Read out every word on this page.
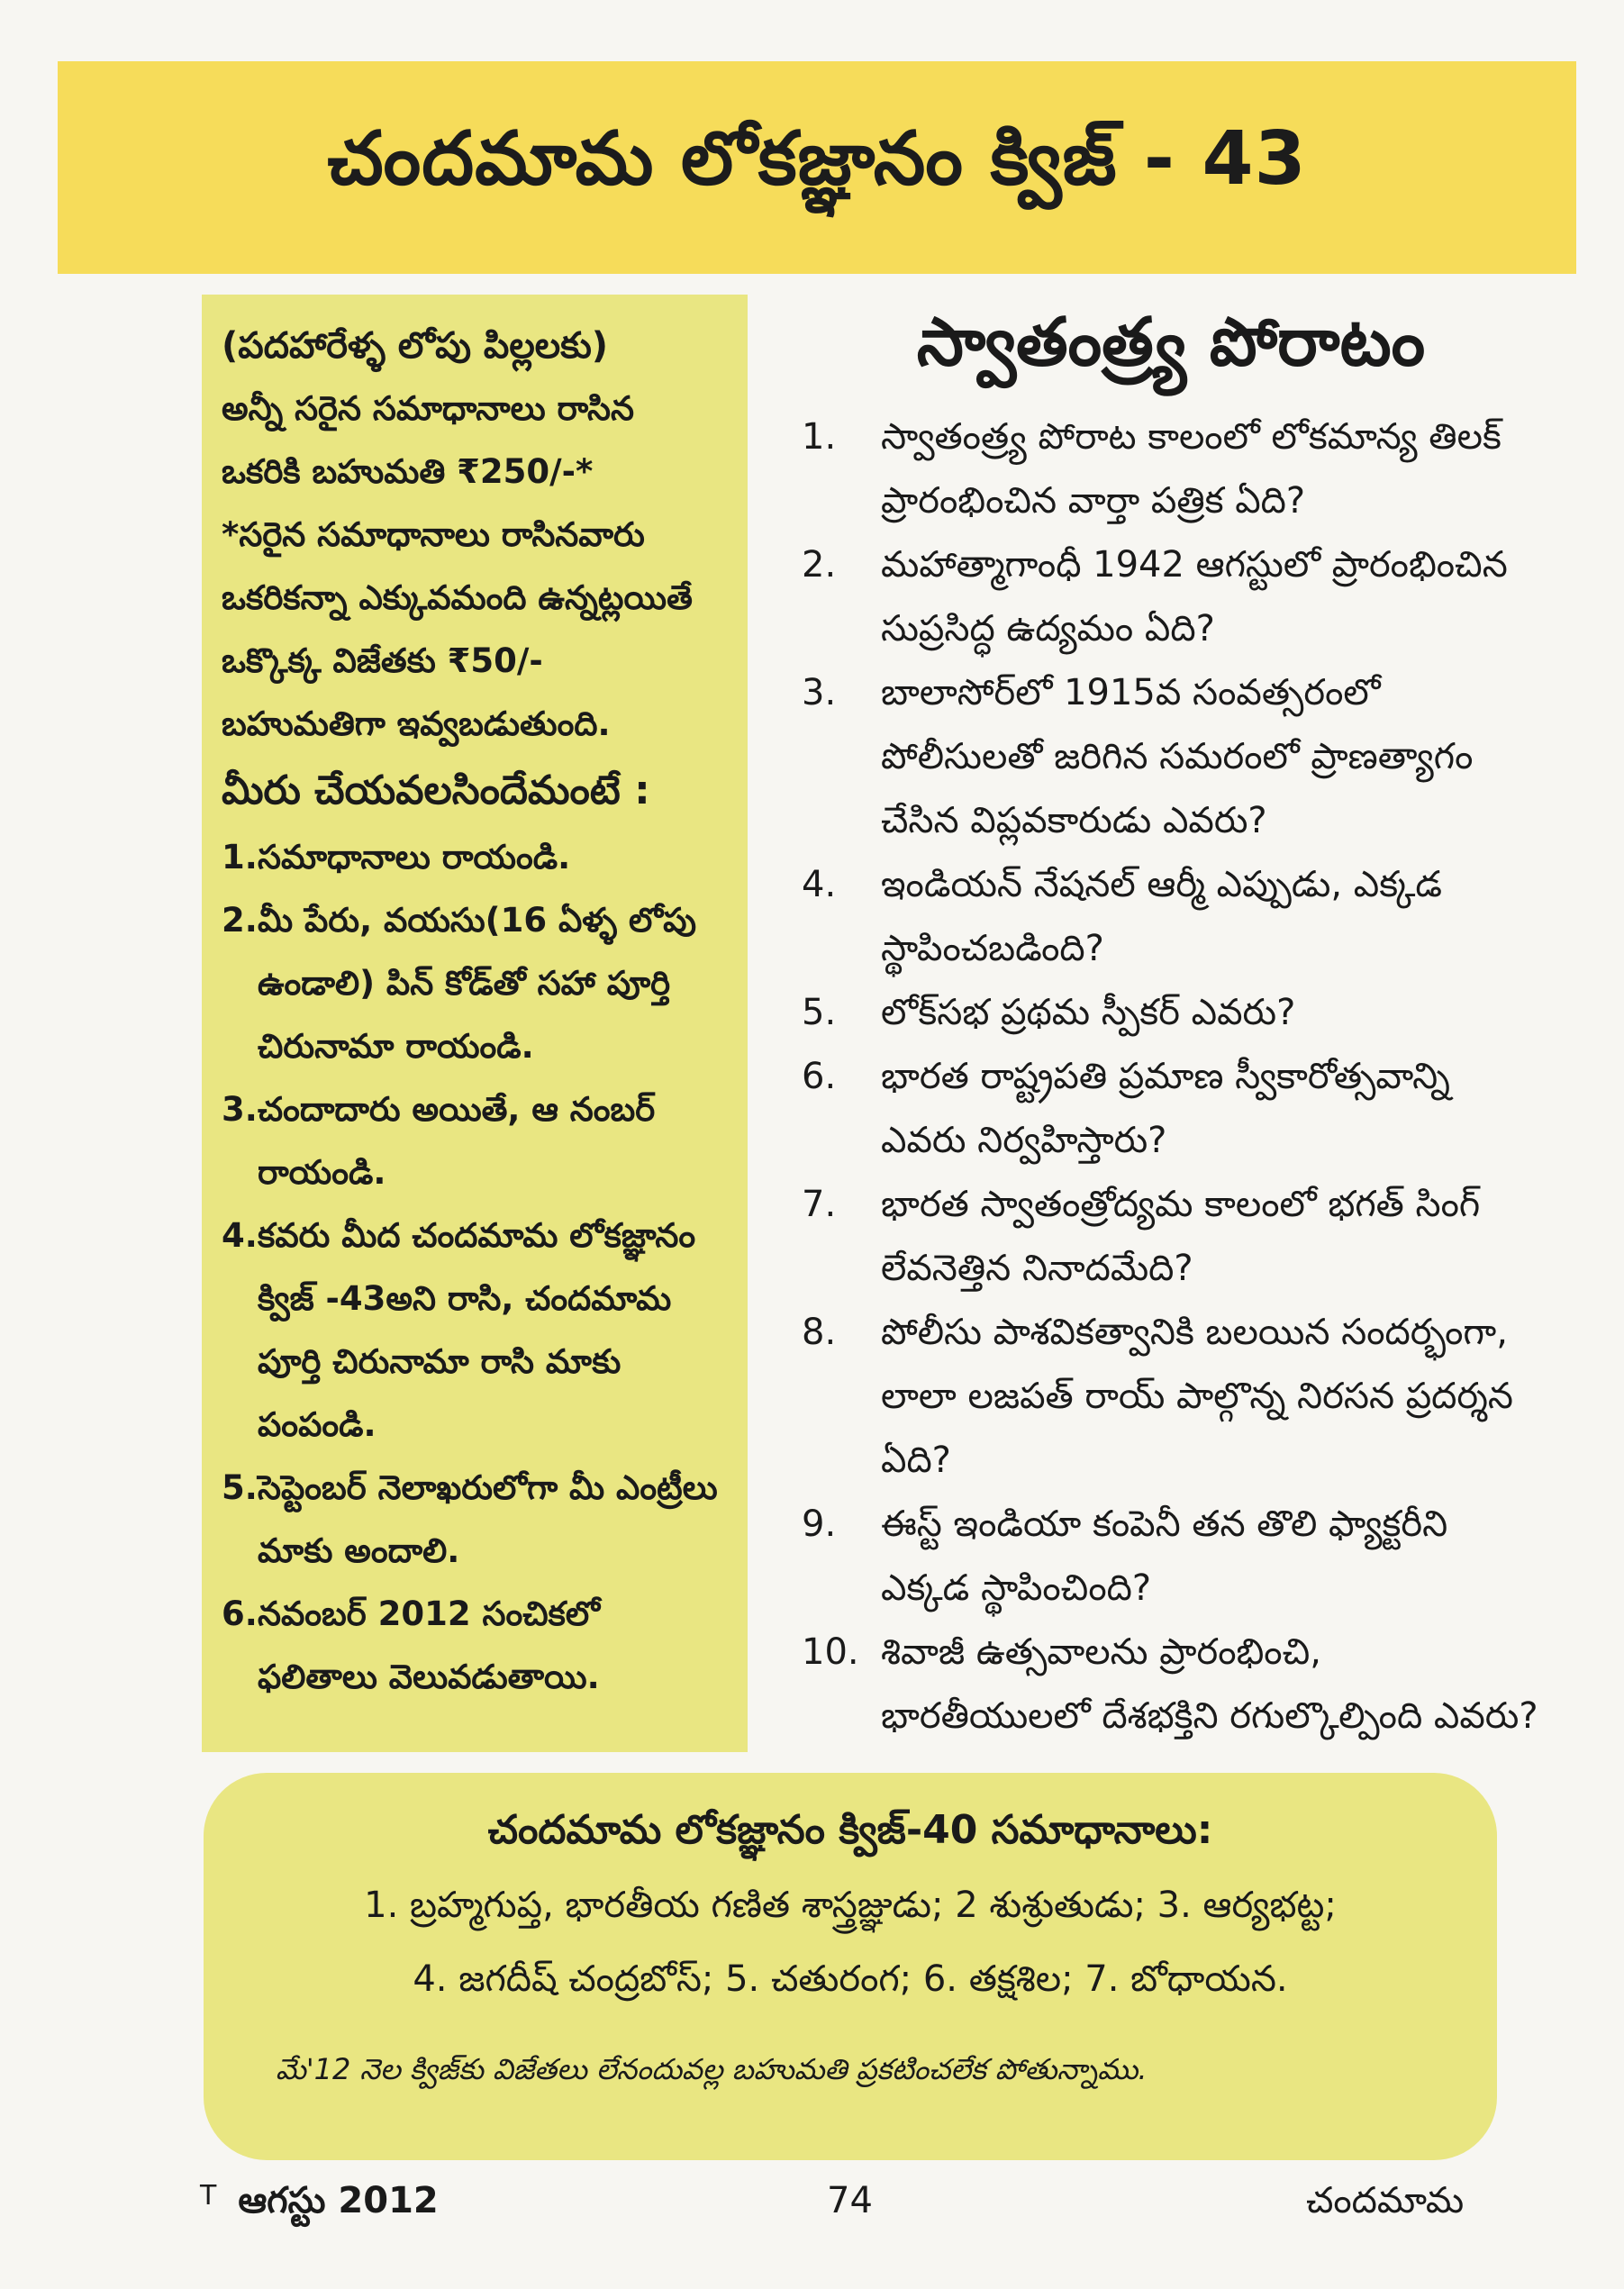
చందమామ లోకజ్ఞానం క్విజ్ - 43
(పదహారేళ్ళ లోపు పిల్లలకు)
అన్నీ సరైన సమాధానాలు రాసిన
ఒకరికి బహుమతి ₹250/-*
*సరైన సమాధానాలు రాసినవారు
ఒకరికన్నా ఎక్కువమంది ఉన్నట్లయితే
ఒక్కొక్క విజేతకు ₹50/-
బహుమతిగా ఇవ్వబడుతుంది.
మీరు చేయవలసిందేమంటే :
1. సమాధానాలు రాయండి.
2. మీ పేరు, వయసు(16 ఏళ్ళ లోపు ఉండాలి) పిన్ కోడ్‌తో సహా పూర్తి చిరునామా రాయండి.
3. చందాదారు అయితే, ఆ నంబర్ రాయండి.
4. కవరు మీద చందమామ లోకజ్ఞానం క్విజ్ -43అని రాసి, చందమామ పూర్తి చిరునామా రాసి మాకు పంపండి.
5. సెప్టెంబర్ నెలాఖరులోగా మీ ఎంట్రీలు మాకు అందాలి.
6. నవంబర్ 2012 సంచికలో ఫలితాలు వెలువడుతాయి.
స్వాతంత్ర్య పోరాటం
1.	స్వాతంత్ర్య పోరాట కాలంలో లోకమాన్య తిలక్ ప్రారంభించిన వార్తా పత్రిక ఏది?
2.	మహాత్మాగాంధీ 1942 ఆగస్టులో ప్రారంభించిన సుప్రసిద్ధ ఉద్యమం ఏది?
3.	బాలాసోర్‌లో 1915వ సంవత్సరంలో పోలీసులతో జరిగిన సమరంలో ప్రాణత్యాగం చేసిన విప్లవకారుడు ఎవరు?
4.	ఇండియన్ నేషనల్ ఆర్మీ ఎప్పుడు, ఎక్కడ స్థాపించబడింది?
5.	లోక్‌సభ ప్రథమ స్పీకర్ ఎవరు?
6.	భారత రాష్ట్రపతి ప్రమాణ స్వీకారోత్సవాన్ని ఎవరు నిర్వహిస్తారు?
7.	భారత స్వాతంత్రోద్యమ కాలంలో భగత్ సింగ్ లేవనెత్తిన నినాదమేది?
8.	పోలీసు పాశవికత్వానికి బలయిన సందర్భంగా, లాలా లజపత్ రాయ్ పాల్గొన్న నిరసన ప్రదర్శన ఏది?
9.	ఈస్ట్ ఇండియా కంపెనీ తన తొలి ఫ్యాక్టరీని ఎక్కడ స్థాపించింది?
10. శివాజీ ఉత్సవాలను ప్రారంభించి, భారతీయులలో దేశభక్తిని రగుల్కొల్పింది ఎవరు?
చందమామ లోకజ్ఞానం క్విజ్-40 సమాధానాలు:
1. బ్రహ్మగుప్త, భారతీయ గణిత శాస్త్రజ్ఞుడు; 2 శుశ్రుతుడు; 3. ఆర్యభట్ట;
4. జగదీష్ చంద్రబోస్; 5. చతురంగ; 6. తక్షశిల; 7. బోధాయన.
మే'12 నెల క్విజ్‌కు విజేతలు లేనందువల్ల బహుమతి ప్రకటించలేక పోతున్నాము.
$^T$ ఆగస్టు 2012	74	చందమామ
